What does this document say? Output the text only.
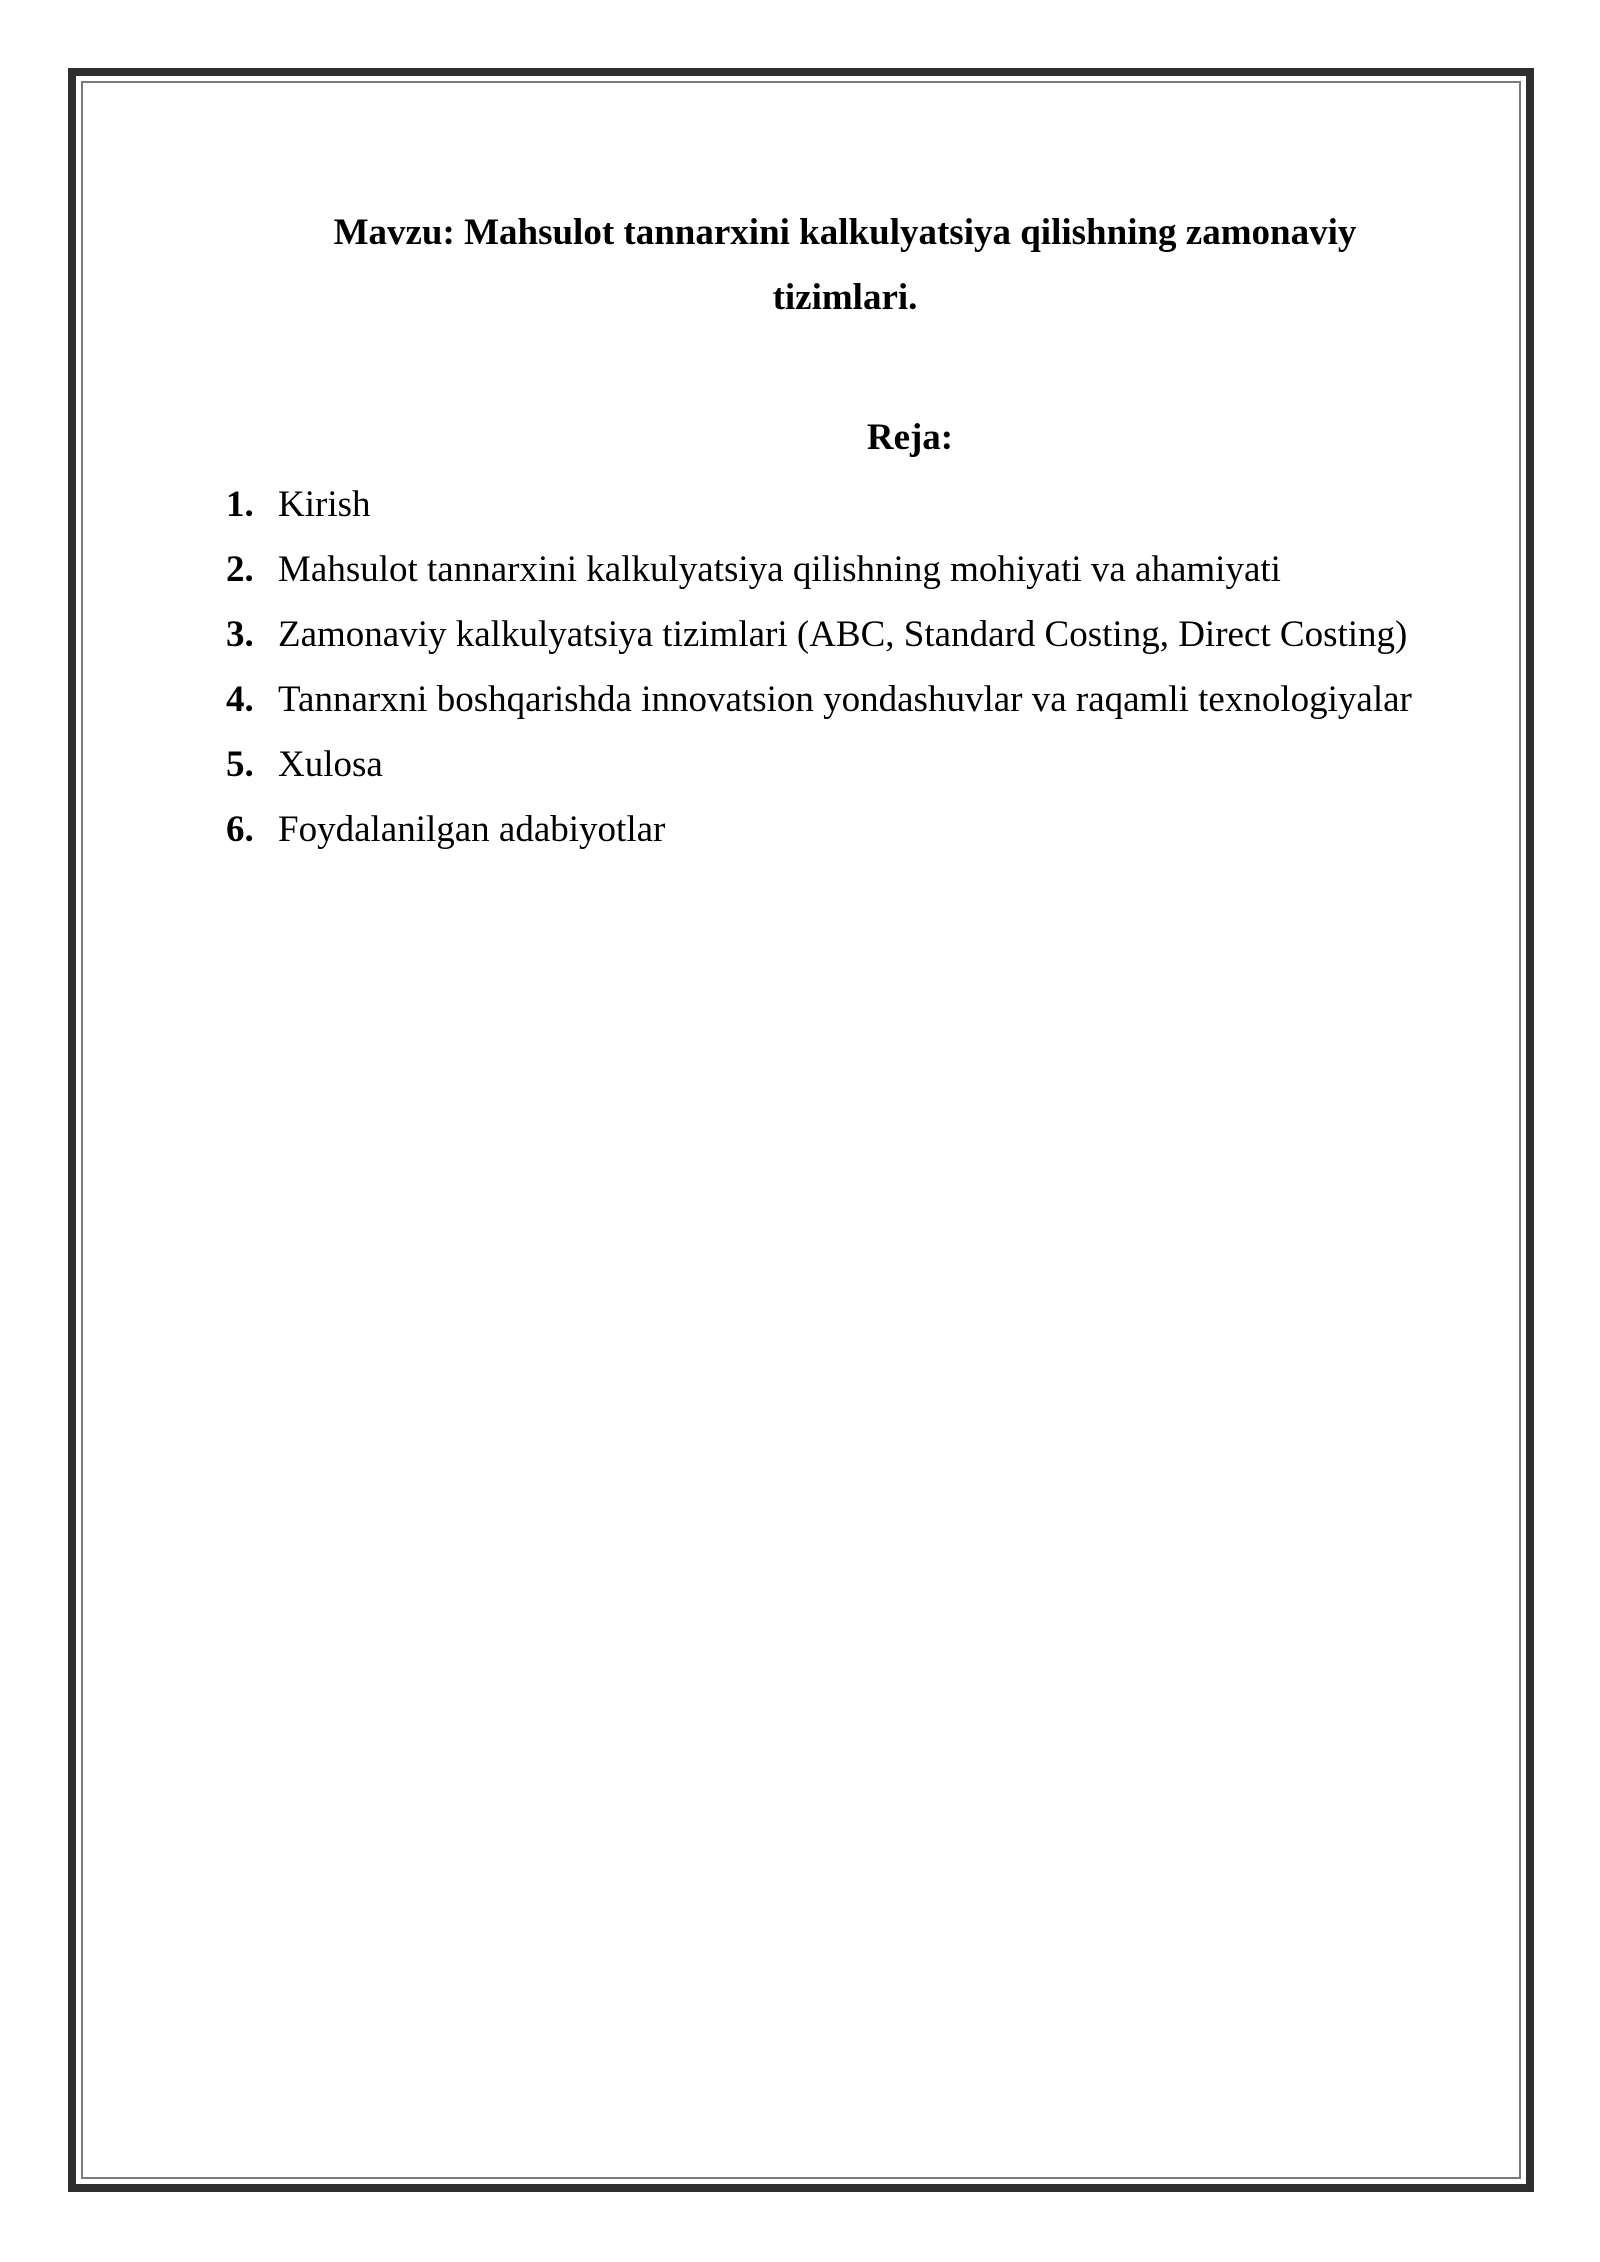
Mavzu: Mahsulot tannarxini kalkulyatsiya qilishning zamonaviy
tizimlari.
Reja:
1. Kirish
2. Mahsulot tannarxini kalkulyatsiya qilishning mohiyati va ahamiyati
3. Zamonaviy kalkulyatsiya tizimlari (ABC, Standard Costing, Direct Costing)
4. Tannarxni boshqarishda innovatsion yondashuvlar va raqamli texnologiyalar
5. Xulosa
6. Foydalanilgan adabiyotlar
